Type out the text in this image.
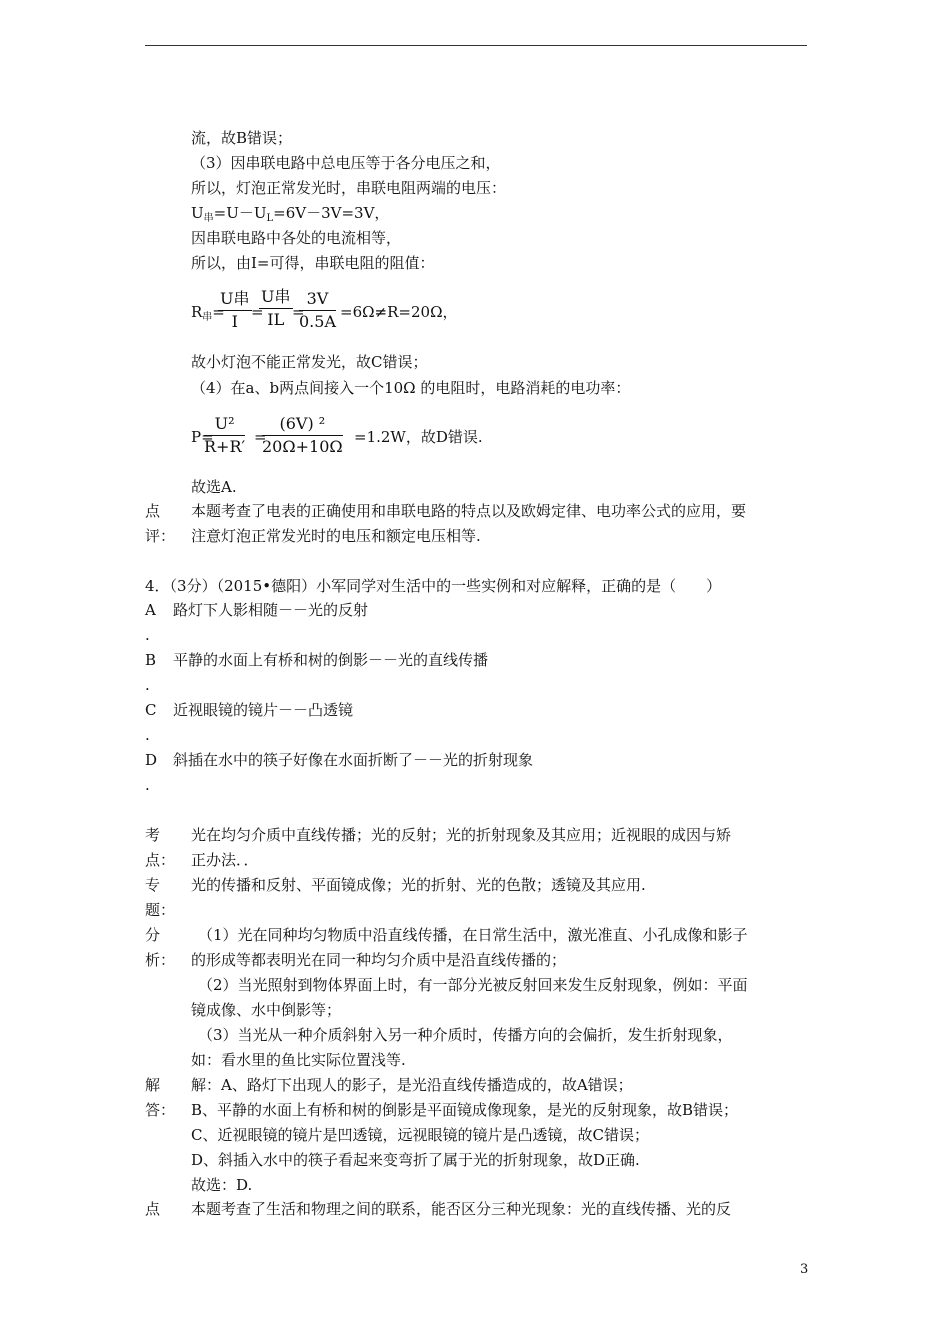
流，故B错误；
（3）因串联电路中总电压等于各分电压之和，
所以，灯泡正常发光时，串联电阻两端的电压：
$U_串=U-U_L=6V-3V=3V$，
因串联电路中各处的电流相等，
所以，由I=可得，串联电阻的阻值：
$R_串=$
U串
I =
U串
IL =
$\frac{3V}{0.5A} =6\Omega\ne R=20\Omega$，
故小灯泡不能正常发光，故C错误；
（4）在a、b两点间接入一个10Ω 的电阻时，电路消耗的电功率：
P=
$\frac{\text{U²}}{R+R'}$ =
$\frac{\text{(6V) ²}}{20\Omega+10\Omega} =1.2W$，故D错误.
故选A.
点 本题考查了电表的正确使用和串联电路的特点以及欧姆定律、电功率公式的应用，要
评： 注意灯泡正常发光时的电压和额定电压相等.
4．（3分）（2015•德阳）小军同学对生活中的一些实例和对应解释，正确的是（　　）
A 路灯下人影相随－－光的反射
.
B 平静的水面上有桥和树的倒影－－光的直线传播
.
C 近视眼镜的镜片－－凸透镜
.
D 斜插在水中的筷子好像在水面折断了－－光的折射现象
.
考 光在均匀介质中直线传播；光的反射；光的折射现象及其应用；近视眼的成因与矫
点： 正办法．．
专 光的传播和反射、平面镜成像；光的折射、光的色散；透镜及其应用.
题：
分	（1）光在同种均匀物质中沿直线传播，在日常生活中，激光准直、小孔成像和影子
析： 的形成等都表明光在同一种均匀介质中是沿直线传播的；
（2）当光照射到物体界面上时，有一部分光被反射回来发生反射现象，例如：平面
镜成像、水中倒影等；
（3）当光从一种介质斜射入另一种介质时，传播方向的会偏折，发生折射现象，
如：看水里的鱼比实际位置浅等.
解 解：A、路灯下出现人的影子，是光沿直线传播造成的，故A错误；
答： B、平静的水面上有桥和树的倒影是平面镜成像现象，是光的反射现象，故B错误；
C、近视眼镜的镜片是凹透镜，远视眼镜的镜片是凸透镜，故C错误；
D、斜插入水中的筷子看起来变弯折了属于光的折射现象，故D正确.
故选：D.
点 本题考查了生活和物理之间的联系，能否区分三种光现象：光的直线传播、光的反
3
